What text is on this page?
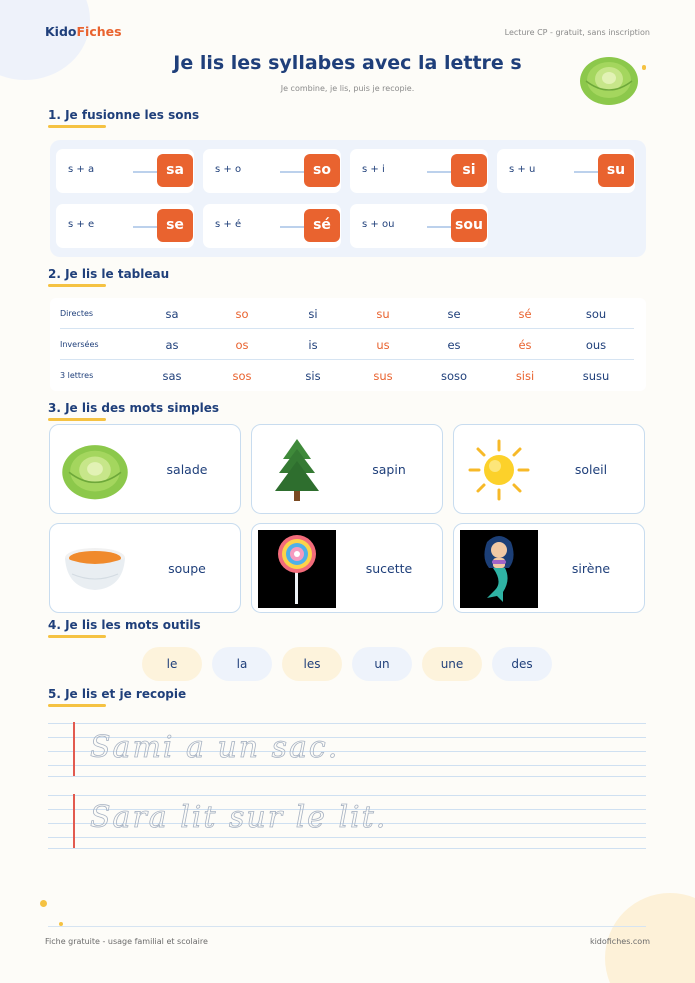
KidoFiches	Lecture CP - gratuit, sans inscription
Je lis les syllabes avec la lettre s
Je combine, je lis, puis je recopie.
1. Je fusionne les sons
s + a	sa	s + o	so	s + i	si	s + u	su
s + e	se	s + é	sé	s + ou	sou
2. Je lis le tableau
Directes	sa	so	si	su	se	sé	sou
Inversées	as	os	is	us	es	és	ous
3 lettres	sas	sos	sis	sus	soso	sisi	susu
3. Je lis des mots simples
salade	sapin	soleil
soupe	sucette	sirène
4. Je lis les mots outils
le	la	les	un	une	des
5. Je lis et je recopie
Sami a un sac.
Sara lit sur le lit.
Fiche gratuite - usage familial et scolaire	kidofiches.com
